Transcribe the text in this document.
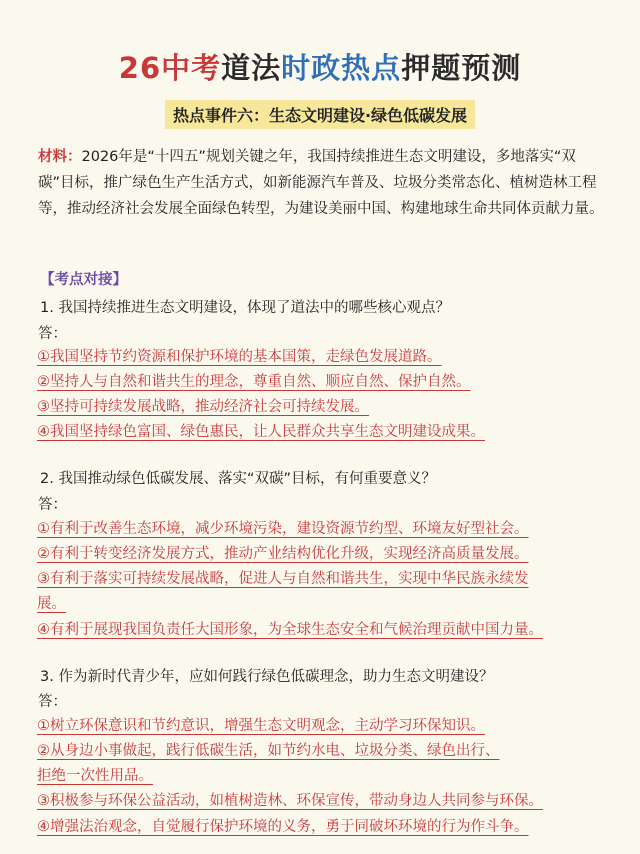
26中考道法时政热点押题预测
热点事件六：生态文明建设·绿色低碳发展
材料：2026年是“十四五”规划关键之年，我国持续推进生态文明建设，多地落实“双碳”目标，推广绿色生产生活方式，如新能源汽车普及、垃圾分类常态化、植树造林工程等，推动经济社会发展全面绿色转型，为建设美丽中国、构建地球生命共同体贡献力量。
【考点对接】
1. 我国持续推进生态文明建设，体现了道法中的哪些核心观点？
答：
①我国坚持节约资源和保护环境的基本国策，走绿色发展道路。
②坚持人与自然和谐共生的理念，尊重自然、顺应自然、保护自然。
③坚持可持续发展战略，推动经济社会可持续发展。
④我国坚持绿色富国、绿色惠民，让人民群众共享生态文明建设成果。
2. 我国推动绿色低碳发展、落实“双碳”目标，有何重要意义？
答：
①有利于改善生态环境，减少环境污染，建设资源节约型、环境友好型社会。
②有利于转变经济发展方式，推动产业结构优化升级，实现经济高质量发展。
③有利于落实可持续发展战略，促进人与自然和谐共生，实现中华民族永续发
展。
④有利于展现我国负责任大国形象，为全球生态安全和气候治理贡献中国力量。
3. 作为新时代青少年，应如何践行绿色低碳理念，助力生态文明建设？
答：
①树立环保意识和节约意识，增强生态文明观念，主动学习环保知识。
②从身边小事做起，践行低碳生活，如节约水电、垃圾分类、绿色出行、
拒绝一次性用品。
③积极参与环保公益活动，如植树造林、环保宣传，带动身边人共同参与环保。
④增强法治观念，自觉履行保护环境的义务，勇于同破坏环境的行为作斗争。
